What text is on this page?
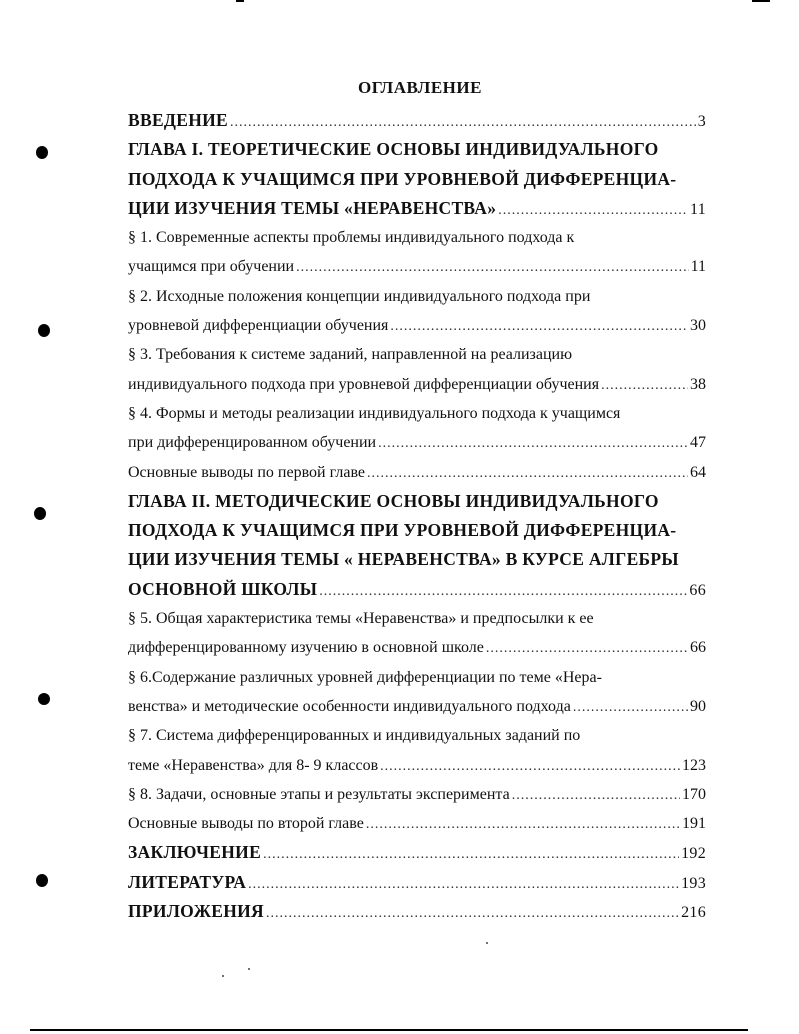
ОГЛАВЛЕНИЕ
ВВЕДЕНИЕ .....	3
ГЛАВА I. ТЕОРЕТИЧЕСКИЕ ОСНОВЫ ИНДИВИДУАЛЬНОГО
ПОДХОДА К УЧАЩИМСЯ ПРИ УРОВНЕВОЙ ДИФФЕРЕНЦИА-
ЦИИ ИЗУЧЕНИЯ ТЕМЫ «НЕРАВЕНСТВА» .....	11
§ 1. Современные аспекты проблемы индивидуального подхода к
учащимся при обучении .....	11
§ 2. Исходные положения концепции индивидуального подхода при
уровневой дифференциации обучения .....	30
§ 3. Требования к системе заданий, направленной на реализацию
индивидуального подхода при уровневой дифференциации обучения .....	38
§ 4. Формы и методы реализации индивидуального подхода к учащимся
при дифференцированном обучении .....	47
Основные выводы по первой главе .....	64
ГЛАВА II. МЕТОДИЧЕСКИЕ ОСНОВЫ ИНДИВИДУАЛЬНОГО
ПОДХОДА К УЧАЩИМСЯ ПРИ УРОВНЕВОЙ ДИФФЕРЕНЦИА-
ЦИИ ИЗУЧЕНИЯ ТЕМЫ « НЕРАВЕНСТВА» В КУРСЕ АЛГЕБРЫ
ОСНОВНОЙ ШКОЛЫ .....	66
§ 5. Общая характеристика темы «Неравенства» и предпосылки к ее
дифференцированному изучению в основной школе .....	66
§ 6.Содержание различных уровней дифференциации по теме «Нера-
венства» и методические особенности индивидуального подхода .....	90
§ 7. Система дифференцированных и индивидуальных заданий по
теме «Неравенства» для 8- 9 классов .....	123
§ 8. Задачи, основные этапы и результаты эксперимента .....	170
Основные выводы по второй главе .....	191
ЗАКЛЮЧЕНИЕ .....	192
ЛИТЕРАТУРА .....	193
ПРИЛОЖЕНИЯ .....	216
